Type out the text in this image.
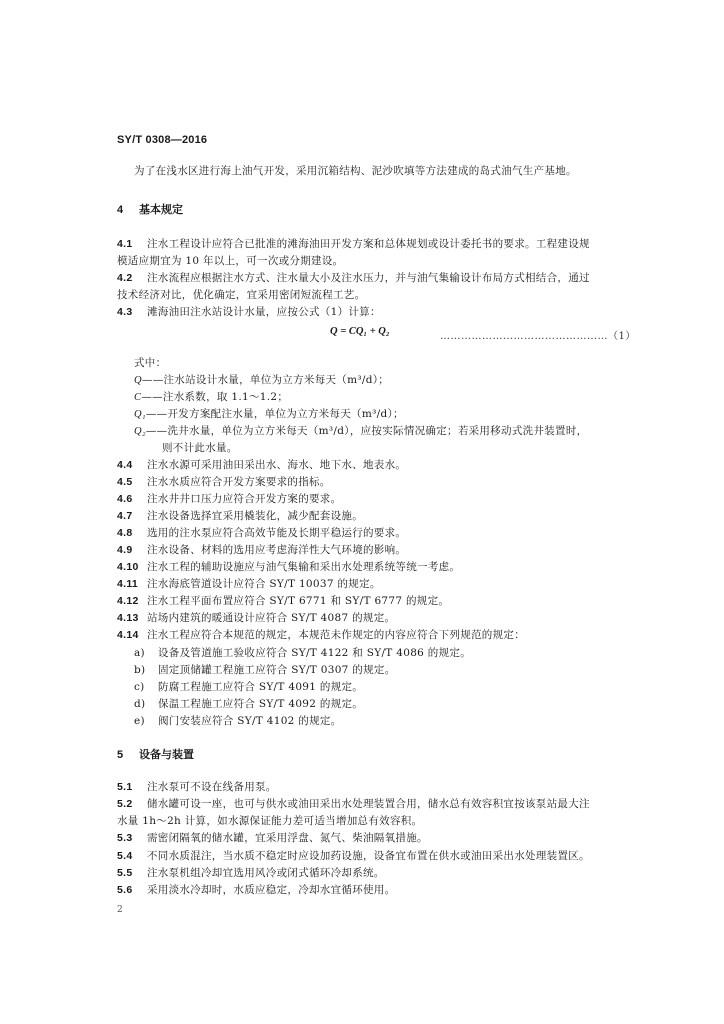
SY/T 0308—2016
为了在浅水区进行海上油气开发，采用沉箱结构、泥沙吹填等方法建成的岛式油气生产基地。
4 基本规定
4.1 注水工程设计应符合已批准的滩海油田开发方案和总体规划或设计委托书的要求。工程建设规
模适应期宜为 10 年以上，可一次或分期建设。
4.2 注水流程应根据注水方式、注水量大小及注水压力，并与油气集输设计布局方式相结合，通过
技术经济对比，优化确定，宜采用密闭短流程工艺。
4.3 滩海油田注水站设计水量，应按公式（1）计算：
Q = CQ₁ + Q₂	…………………………………………（1）
式中：
Q——注水站设计水量，单位为立方米每天（m³/d）；
C——注水系数，取 1.1～1.2；
Q₁——开发方案配注水量，单位为立方米每天（m³/d）；
Q₂——洗井水量，单位为立方米每天（m³/d），应按实际情况确定；若采用移动式洗井装置时，
则不计此水量。
4.4 注水水源可采用油田采出水、海水、地下水、地表水。
4.5 注水水质应符合开发方案要求的指标。
4.6 注水井井口压力应符合开发方案的要求。
4.7 注水设备选择宜采用橇装化，减少配套设施。
4.8 选用的注水泵应符合高效节能及长期平稳运行的要求。
4.9 注水设备、材料的选用应考虑海洋性大气环境的影响。
4.10 注水工程的辅助设施应与油气集输和采出水处理系统等统一考虑。
4.11 注水海底管道设计应符合 SY/T 10037 的规定。
4.12 注水工程平面布置应符合 SY/T 6771 和 SY/T 6777 的规定。
4.13 站场内建筑的暖通设计应符合 SY/T 4087 的规定。
4.14 注水工程应符合本规范的规定，本规范未作规定的内容应符合下列规范的规定：
a) 设备及管道施工验收应符合 SY/T 4122 和 SY/T 4086 的规定。
b) 固定顶储罐工程施工应符合 SY/T 0307 的规定。
c) 防腐工程施工应符合 SY/T 4091 的规定。
d) 保温工程施工应符合 SY/T 4092 的规定。
e) 阀门安装应符合 SY/T 4102 的规定。
5 设备与装置
5.1 注水泵可不设在线备用泵。
5.2 储水罐可设一座，也可与供水或油田采出水处理装置合用，储水总有效容积宜按该泵站最大注
水量 1h～2h 计算，如水源保证能力差可适当增加总有效容积。
5.3 需密闭隔氧的储水罐，宜采用浮盘、氮气、柴油隔氧措施。
5.4 不同水质混注，当水质不稳定时应设加药设施，设备宜布置在供水或油田采出水处理装置区。
5.5 注水泵机组冷却宜选用风冷或闭式循环冷却系统。
5.6 采用淡水冷却时，水质应稳定，冷却水宜循环使用。
2
